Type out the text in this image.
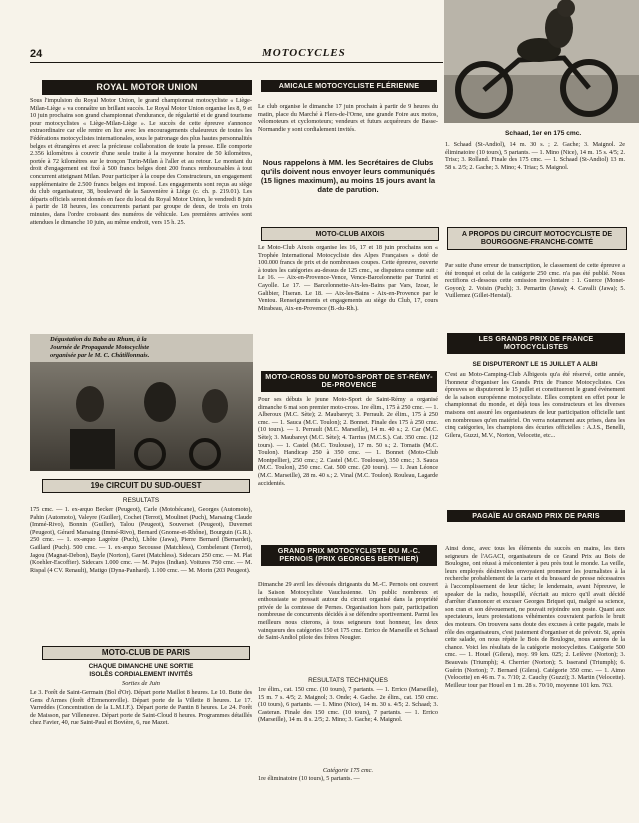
24	MOTOCYCLES
ROYAL MOTOR UNION

Sous l'impulsion du Royal Motor Union, le grand championnat motocycliste « Liège-Milan-Liège » va connaître un brillant succès. Le Royal Motor Union organise les 8, 9 et 10 juin prochains son grand championnat d'endurance, de régularité et de grand tourisme pour motocyclistes « Liège-Milan-Liège ». Le succès de cette épreuve s'annonce extraordinaire car elle rentre en lice avec les encouragements chaleureux de toutes les Fédérations motocyclistes internationales, sous le patronage des plus hautes personnalités belges et étrangères et avec la précieuse collaboration de toute la presse. Elle comporte 2.356 kilomètres à couvrir d'une seule traite à la moyenne horaire de 50 kilomètres, portée à 72 kilomètres sur le tronçon Turin-Milan à l'aller et au retour. Le montant du droit d'engagement est fixé à 500 francs belges dont 200 francs remboursables à tout concurrent atteignant Milan. Pour participer à la coupe des Constructeurs, un engagement supplémentaire de 2.500 francs belges est imposé. Les engagements sont reçus au siège du club organisateur, 38, boulevard de la Sauvenière à Liège (c. ch. p. 219.01). Les départs officiels seront donnés en face du local du Royal Motor Union, le vendredi 8 juin à partir de 18 heures, les concurrents partant par groupe de deux, de trois en trois minutes, dans l'ordre croissant des numéros de véhicule. Les premières arrivées sont attendues le dimanche 10 juin, au même endroit, vers 15 h. 25.

Dégustation du Baba au Rhum, à la Journée de Propagande Motocycliste organisée par le M. C. Châtillonnais.
19e CIRCUIT DU SUD-OUEST
RESULTATS

175 cmc. — 1. ex-æquo Becker (Peugeot), Carle (Motobécane), Georges (Automoto), Pahin (Automoto), Valeyre (Guiller), Cochet (Terrot), Moulinet (Puch), Marsaing Claude (Immé-Rivo), Bonnin (Guiller), Talou (Peugeot), Souverset (Peugeot), Duvernet (Peugeot), Gérard Marsaing (Immé-Rivo), Bernard (Gnome-et-Rhône), Bourguin (G.R.). 250 cmc. — 1. ex-æquo Lagrèze (Puch), Lhôte (Jawa), Pierre Bernard (Bernardet), Gaillard (Puch). 500 cmc. — 1. ex-æquo Secousse (Matchless), Combelerant (Terrot), Jagou (Magnat-Debon), Bayle (Norton), Garet (Matchless). Sidecars 250 cmc. — M. Plat (Koehler-Escoffier). Sidecars 1.000 cmc. — M. Pujos (Indian). Voitures 750 cmc. — M. Rispal (4 CV. Renault), Matigo (Dyna-Panhard). 1.100 cmc. — M. Morin (203 Peugeot).

MOTO-CLUB DE PARIS
CHAQUE DIMANCHE UNE SORTIE
ISOLÉS CORDIALEMENT INVITÉS
Sorties de Juin

Le 3. Forêt de Saint-Germain (Bol d'Or). Départ porte Maillot 8 heures. Le 10. Butte des Gens d'Armes (forêt d'Ermenonville). Départ porte de la Villette 8 heures. Le 17. Varreddes (Concentration de la L.M.I.F.). Départ porte de Pantin 8 heures. Le 24. Forêt de Maisson, par Villeneuve. Départ porte de Saint-Cloud 8 heures. Programmes détaillés chez Favier, 40, rue Saint-Paul et Bovière, 6, rue Mazet.

AMICALE MOTOCYCLISTE FLÉRIENNE

Le club organise le dimanche 17 juin prochain à partir de 9 heures du matin, place du Marché à Flers-de-l'Orne, une grande Foire aux motos, vélomoteurs et cyclomoteurs; vendeurs et futurs acquéreurs de Basse-Normandie y sont cordialement invités.

Nous rappelons à MM. les Secrétaires de Clubs qu'ils doivent nous envoyer leurs communiqués (15 lignes maximum), au moins 15 jours avant la date de parution.
MOTO-CLUB AIXOIS

Le Moto-Club Aixois organise les 16, 17 et 18 juin prochains son « Trophée International Motocycliste des Alpes Françaises » doté de 100.000 francs de prix et de nombreuses coupes. Cette épreuve, ouverte à toutes les catégories au-dessus de 125 cmc., se disputera comme suit : Le 16. — Aix-en-Provence-Vence, Vence-Barcelonnette par Turini et Cayolle. Le 17. — Barcelonnette-Aix-les-Bains par Vars, Izoar, le Galibier, l'Iseran. Le 18. — Aix-les-Bains - Aix-en-Provence par le Ventou. Renseignements et engagements au siège du Club, 17, cours Mirabeau, Aix-en-Provence (B.-du-Rh.).

MOTO-CROSS DU MOTO-SPORT DE ST-RÉMY-DE-PROVENCE

Pour ses débuts le jeune Moto-Sport de Saint-Rémy a organisé dimanche 6 mai son premier moto-cross. 1re élim., 175 à 250 cmc. — 1. Alberoux (M.C. Sète); 2. Maubareyt; 3. Perrault. 2e élim., 175 à 250 cmc. — 1. Sauca (M.C. Toulon); 2. Bonnet. Finale des 175 à 250 cmc. (10 tours). — 1. Perrault (M.C. Marseille), 14 m. 40 s.; 2. Car (M.C. Sète); 3. Maubareyt (M.C. Sète); 4. Tarrius (M.C.S.). Cat. 350 cmc. (12 tours). — 1. Castel (M.C. Toulouse), 17 m. 50 s.; 2. Tomatis (M.C. Toulon). Handicap 250 à 350 cmc. — 1. Bonnet (Moto-Club Montpellier), 250 cmc.; 2. Castel (M.C. Toulouse), 350 cmc.; 3. Sauca (M.C. Toulon), 250 cmc. Cat. 500 cmc. (20 tours). — 1. Jean Léonce (M.C. Marseille), 28 m. 40 s.; 2. Vinal (M.C. Toulon). Rouleau, Lagarde accidentés.

GRAND PRIX MOTOCYCLISTE DU M.-C. PERNOIS (PRIX GEORGES BERTHIER)

Dimanche 29 avril les dévoués dirigeants du M.-C. Pernois ont couvert la Saison Motocycliste Vauclusienne. Un public nombreux et enthousiaste se pressait autour du circuit organisé dans la propriété privée de la comtesse de Pernes. Organisation hors pair, participation nombreuse de concurrents décidés à se défendre sportivement. Parmi les meilleurs nous citerons, à tous seigneurs tout honneur, les deux vainqueurs des catégories 150 et 175 cmc. Errico de Marseille et Schaad de Saint-Andiol pilote des frères Nougier.

RESULTATS TECHNIQUES

1re élim., cat. 150 cmc. (10 tours), 7 partants. — 1. Errico (Marseille), 15 m. 7 s. 4/5; 2. Maignol; 3. Onde; 4. Gache. 2e élim., cat. 150 cmc. (10 tours), 6 partants. — 1. Mino (Nice), 14 m. 30 s. 4/5; 2. Schaad; 3. Casteran. Finale des 150 cmc. (10 tours), 7 partants. — 1. Errico (Marseille), 14 m. 8 s. 2/5; 2. Mino; 3. Gache; 4. Maignol.

Catégorie 175 cmc.

1re éliminatoire (10 tours), 5 partants. —

Schaad, 1er en 175 cmc.

1. Schaad (St-Andiol), 14 m. 30 s. ; 2. Gache; 3. Maignol. 2e éliminatoire (10 tours), 5 partants. — 1. Mino (Nice), 14 m. 15 s. 4/5; 2. Trisc; 3. Rolland. Finale des 175 cmc. — 1. Schaad (St-Andiol) 13 m. 58 s. 2/5; 2. Gache; 3. Mino; 4. Triac; 5. Maignol.

A PROPOS DU CIRCUIT MOTOCYCLISTE DE BOURGOGNE-FRANCHE-COMTÉ

Par suite d'une erreur de transcription, le classement de cette épreuve a été tronqué et celui de la catégorie 250 cmc. n'a pas été publié. Nous rectifions ci-dessous cette omission involontaire : 1. Guerce (Monet-Goyon); 2. Voisin (Puch); 3. Pemartin (Jawa); 4. Cavalli (Jawa); 5. Vuillemez (Gillet-Herstal).

LES GRANDS PRIX DE FRANCE MOTOCYCLISTES
SE DISPUTERONT LE 15 JUILLET A ALBI

C'est au Moto-Camping-Club Albigeois qu'a été réservé, cette année, l'honneur d'organiser les Grands Prix de France Motocyclistes. Ces épreuves se disputeront le 15 juillet et constitueront le grand événement de la saison européenne motocycliste. Elles comptent en effet pour le championnat du monde, et déjà tous les constructeurs et les diverses maisons ont assuré les organisateurs de leur participation officielle tant en nombreuses qu'en matériel. On verra notamment aux prises, dans les cinq catégories, les champions des écuries officielles : A.J.S., Benelli, Gilera, Guzzi, M.V., Norton, Velocette, etc...

PAGAÏE AU GRAND PRIX DE PARIS

Ainsi donc, avec tous les éléments du succès en mains, les tiers seigneurs de l'AGACI, organisateurs de ce Grand Prix au Bois de Boulogne, ont réussi à mécontenter à peu près tout le monde. La veille, leurs employés désinvoltes envoyaient promener les journalistes à la recherche probablement de la carte et du brassard de presse nécessaires à l'accomplissement de leur tâche; le lendemain, avant l'épreuve, le speaker de la radio, houspillé, s'écriait au micro qu'il avait décidé d'arrêter d'annoncer et excuser Georges Briquet qui, malgré sa science, son cran et son dévouement, ne pouvait rejoindre son poste. Quant aux spectateurs, leurs protestations véhémentes couvraient parfois le bruit des moteurs. On trouvera sans doute des excuses à cette pagaïe, mais le rôle des organisateurs, c'est justement d'organiser et de prévoir. Si, après cette salade, on nous répète le Bois de Boulogne, nous aurons de la chance. Voici les résultats de la catégorie motocyclettes. Catégorie 500 cmc. — 1. Houel (Gilera), moy. 99 km. 025; 2. Lefèvre (Norton); 3. Beauvais (Triumph); 4. Cherrier (Norton); 5. Isserand (Triumph); 6. Guérin (Norton); 7. Bernard (Gilera). Catégorie 350 cmc. — 1. Aimo (Velocette) en 46 m. 7 s. 7/10; 2. Cauchy (Guzzi); 3. Martin (Velocette). Meilleur tour par Houel en 1 m. 28 s. 70/10, moyenne 101 km. 763.
